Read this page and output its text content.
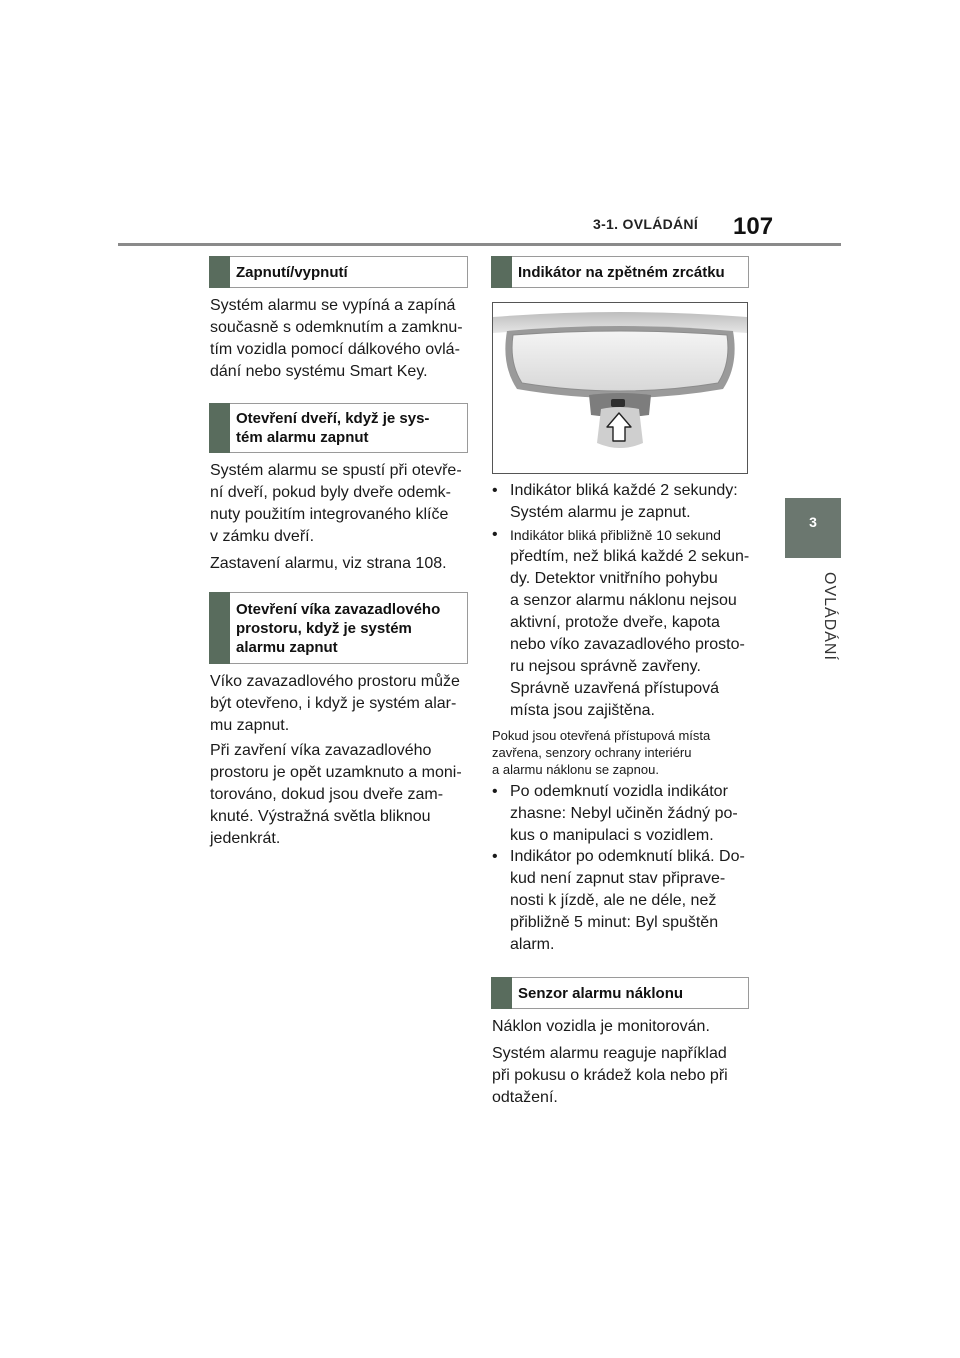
3-1. OVLÁDÁNÍ 107
3
OVLÁDÁNÍ
Zapnutí/vypnutí
Systém alarmu se vypíná a zapíná
současně s odemknutím a zamknu-
tím vozidla pomocí dálkového ovlá-
dání nebo systému Smart Key.
Otevření dveří, když je sys-
tém alarmu zapnut
Systém alarmu se spustí při otevře-
ní dveří, pokud byly dveře odemk-
nuty použitím integrovaného klíče
v zámku dveří.
Zastavení alarmu, viz strana 108.
Otevření víka zavazadlového
prostoru, když je systém
alarmu zapnut
Víko zavazadlového prostoru může
být otevřeno, i když je systém alar-
mu zapnut.
Při zavření víka zavazadlového
prostoru je opět uzamknuto a moni-
torováno, dokud jsou dveře zam-
knuté. Výstražná světla bliknou
jedenkrát.
Indikátor na zpětném zrcátku
• Indikátor bliká každé 2 sekundy:
Systém alarmu je zapnut.
• Indikátor bliká přibližně 10 sekund
předtím, než bliká každé 2 sekun-
dy. Detektor vnitřního pohybu
a senzor alarmu náklonu nejsou
aktivní, protože dveře, kapota
nebo víko zavazadlového prosto-
ru nejsou správně zavřeny.
Správně uzavřená přístupová
místa jsou zajištěna.
Pokud jsou otevřená přístupová místa
zavřena, senzory ochrany interiéru
a alarmu náklonu se zapnou.
• Po odemknutí vozidla indikátor
zhasne: Nebyl učiněn žádný po-
kus o manipulaci s vozidlem.
• Indikátor po odemknutí bliká. Do-
kud není zapnut stav připrave-
nosti k jízdě, ale ne déle, než
přibližně 5 minut: Byl spuštěn
alarm.
Senzor alarmu náklonu
Náklon vozidla je monitorován.
Systém alarmu reaguje například
při pokusu o krádež kola nebo při
odtažení.
